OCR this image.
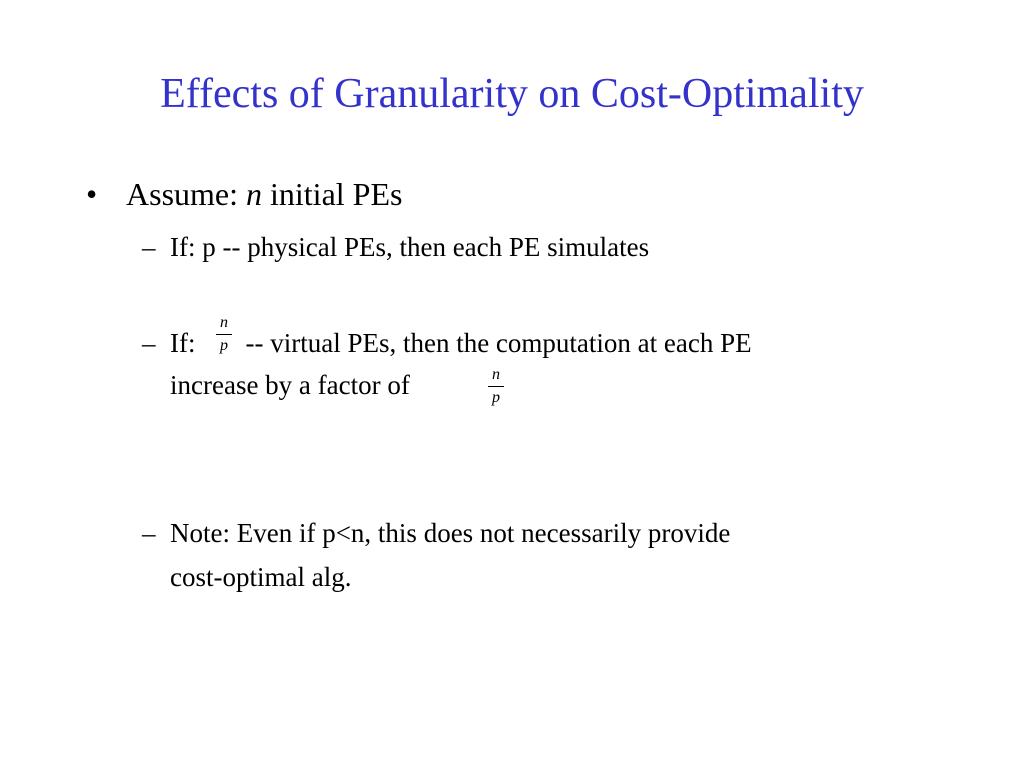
Effects of Granularity on Cost-Optimality
• Assume: n initial PEs
– If: p -- physical PEs, then each PE simulates
– If: -- virtual PEs, then the computation at each PE
increase by a factor of
n
p
n
p
– Note: Even if p<n, this does not necessarily provide
cost-optimal alg.
